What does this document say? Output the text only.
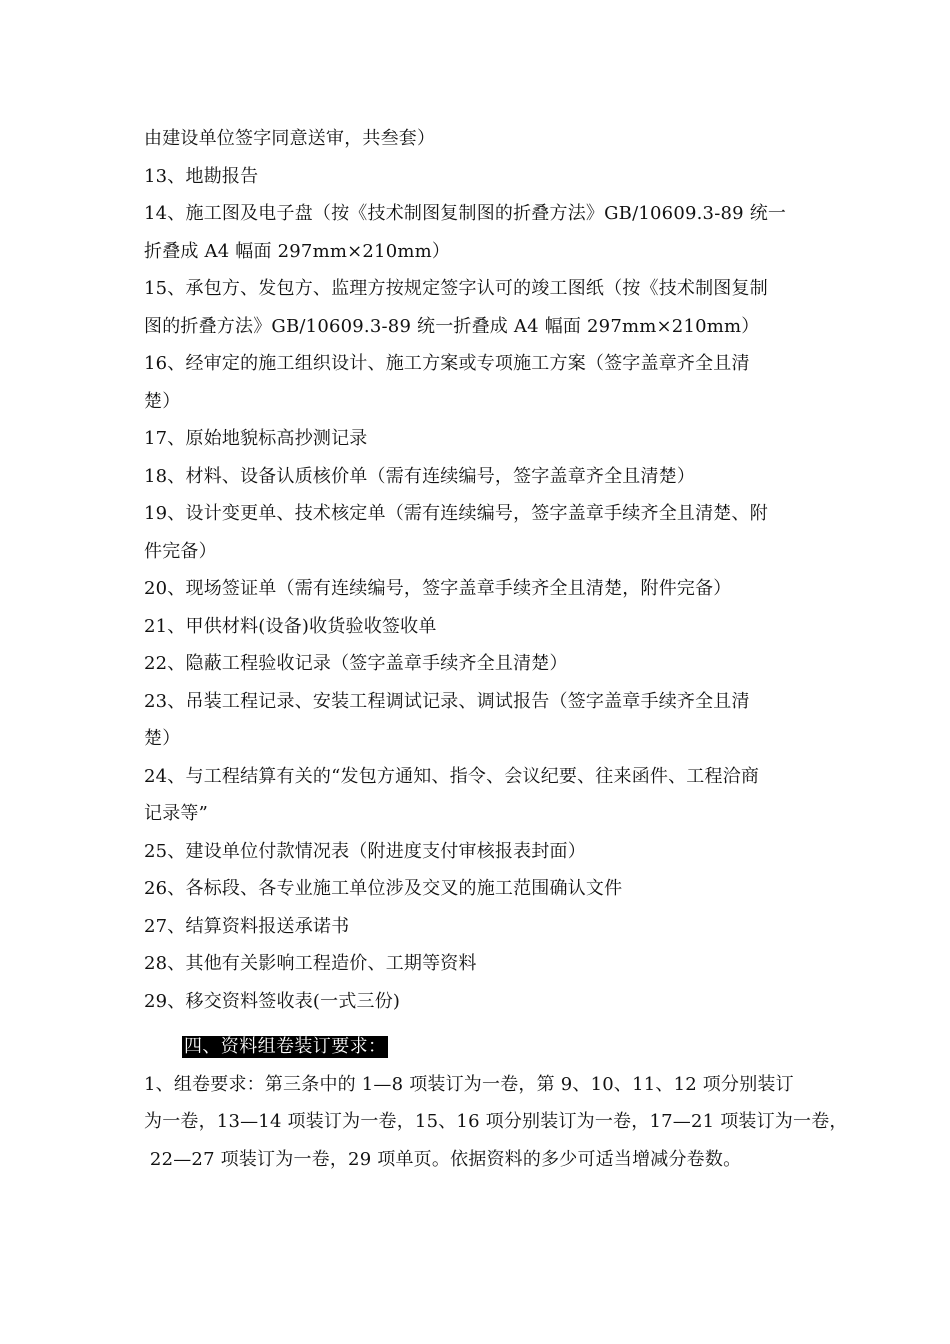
由建设单位签字同意送审，共叁套）
13、地勘报告
14、施工图及电子盘（按《技术制图复制图的折叠方法》GB/10609.3-89 统一
折叠成 A4 幅面 297mm×210mm）
15、承包方、发包方、监理方按规定签字认可的竣工图纸（按《技术制图复制
图的折叠方法》GB/10609.3-89 统一折叠成 A4 幅面 297mm×210mm）
16、经审定的施工组织设计、施工方案或专项施工方案（签字盖章齐全且清
楚）
17、原始地貌标高抄测记录
18、材料、设备认质核价单（需有连续编号，签字盖章齐全且清楚）
19、设计变更单、技术核定单（需有连续编号，签字盖章手续齐全且清楚、附
件完备）
20、现场签证单（需有连续编号，签字盖章手续齐全且清楚，附件完备）
21、甲供材料(设备)收货验收签收单
22、隐蔽工程验收记录（签字盖章手续齐全且清楚）
23、吊装工程记录、安装工程调试记录、调试报告（签字盖章手续齐全且清
楚）
24、与工程结算有关的“发包方通知、指令、会议纪要、往来函件、工程洽商
记录等”
25、建设单位付款情况表（附进度支付审核报表封面）
26、各标段、各专业施工单位涉及交叉的施工范围确认文件
27、结算资料报送承诺书
28、其他有关影响工程造价、工期等资料
29、移交资料签收表(一式三份)
四、资料组卷装订要求：
1、组卷要求：第三条中的 1—8 项装订为一卷，第 9、10、11、12 项分别装订
为一卷，13—14 项装订为一卷，15、16 项分别装订为一卷，17—21 项装订为一卷，
22—27 项装订为一卷，29 项单页。依据资料的多少可适当增减分卷数。
